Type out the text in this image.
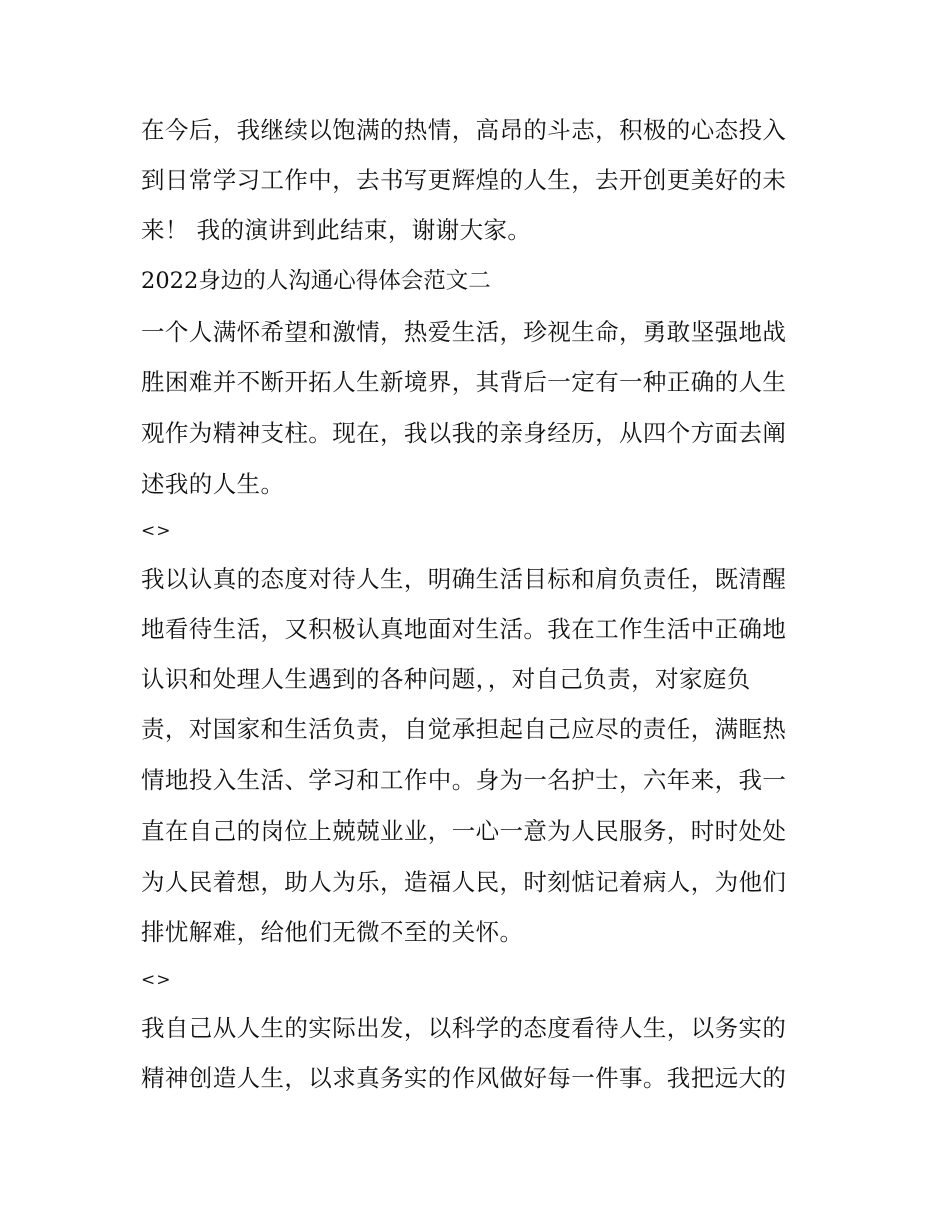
在今后，我继续以饱满的热情，高昂的斗志，积极的心态投入
到日常学习工作中，去书写更辉煌的人生，去开创更美好的未
来！ 我的演讲到此结束，谢谢大家。
2022身边的人沟通心得体会范文二
一个人满怀希望和激情，热爱生活，珍视生命，勇敢坚强地战
胜困难并不断开拓人生新境界，其背后一定有一种正确的人生
观作为精神支柱。现在，我以我的亲身经历，从四个方面去阐
述我的人生。
<>
我以认真的态度对待人生，明确生活目标和肩负责任，既清醒
地看待生活，又积极认真地面对生活。我在工作生活中正确地
认识和处理人生遇到的各种问题，，对自己负责，对家庭负
责，对国家和生活负责，自觉承担起自己应尽的责任，满眶热
情地投入生活、学习和工作中。身为一名护士，六年来，我一
直在自己的岗位上兢兢业业，一心一意为人民服务，时时处处
为人民着想，助人为乐，造福人民，时刻惦记着病人，为他们
排忧解难，给他们无微不至的关怀。
<>
我自己从人生的实际出发，以科学的态度看待人生，以务实的
精神创造人生，以求真务实的作风做好每一件事。我把远大的
